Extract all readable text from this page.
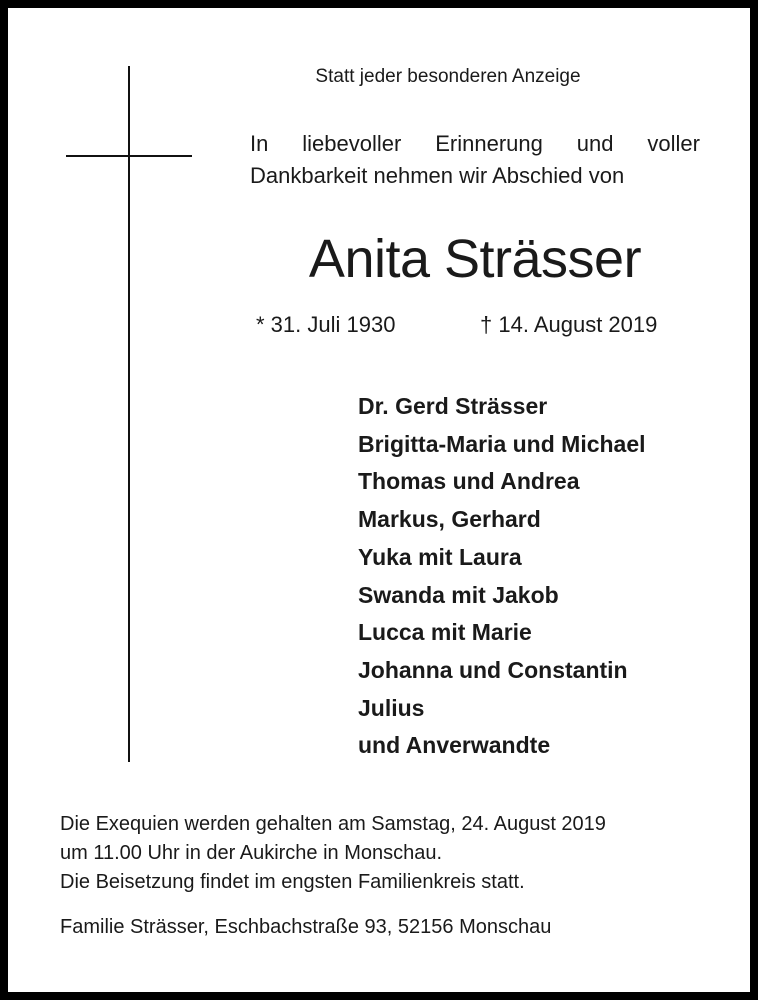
Statt jeder besonderen Anzeige
In liebevoller Erinnerung und voller
Dankbarkeit nehmen wir Abschied von
Anita Strässer
* 31. Juli 1930	† 14. August 2019
Dr. Gerd Strässer
Brigitta-Maria und Michael
Thomas und Andrea
Markus, Gerhard
Yuka mit Laura
Swanda mit Jakob
Lucca mit Marie
Johanna und Constantin
Julius
und Anverwandte
Die Exequien werden gehalten am Samstag, 24. August 2019
um 11.00 Uhr in der Aukirche in Monschau.
Die Beisetzung findet im engsten Familienkreis statt.
Familie Strässer, Eschbachstraße 93, 52156 Monschau
